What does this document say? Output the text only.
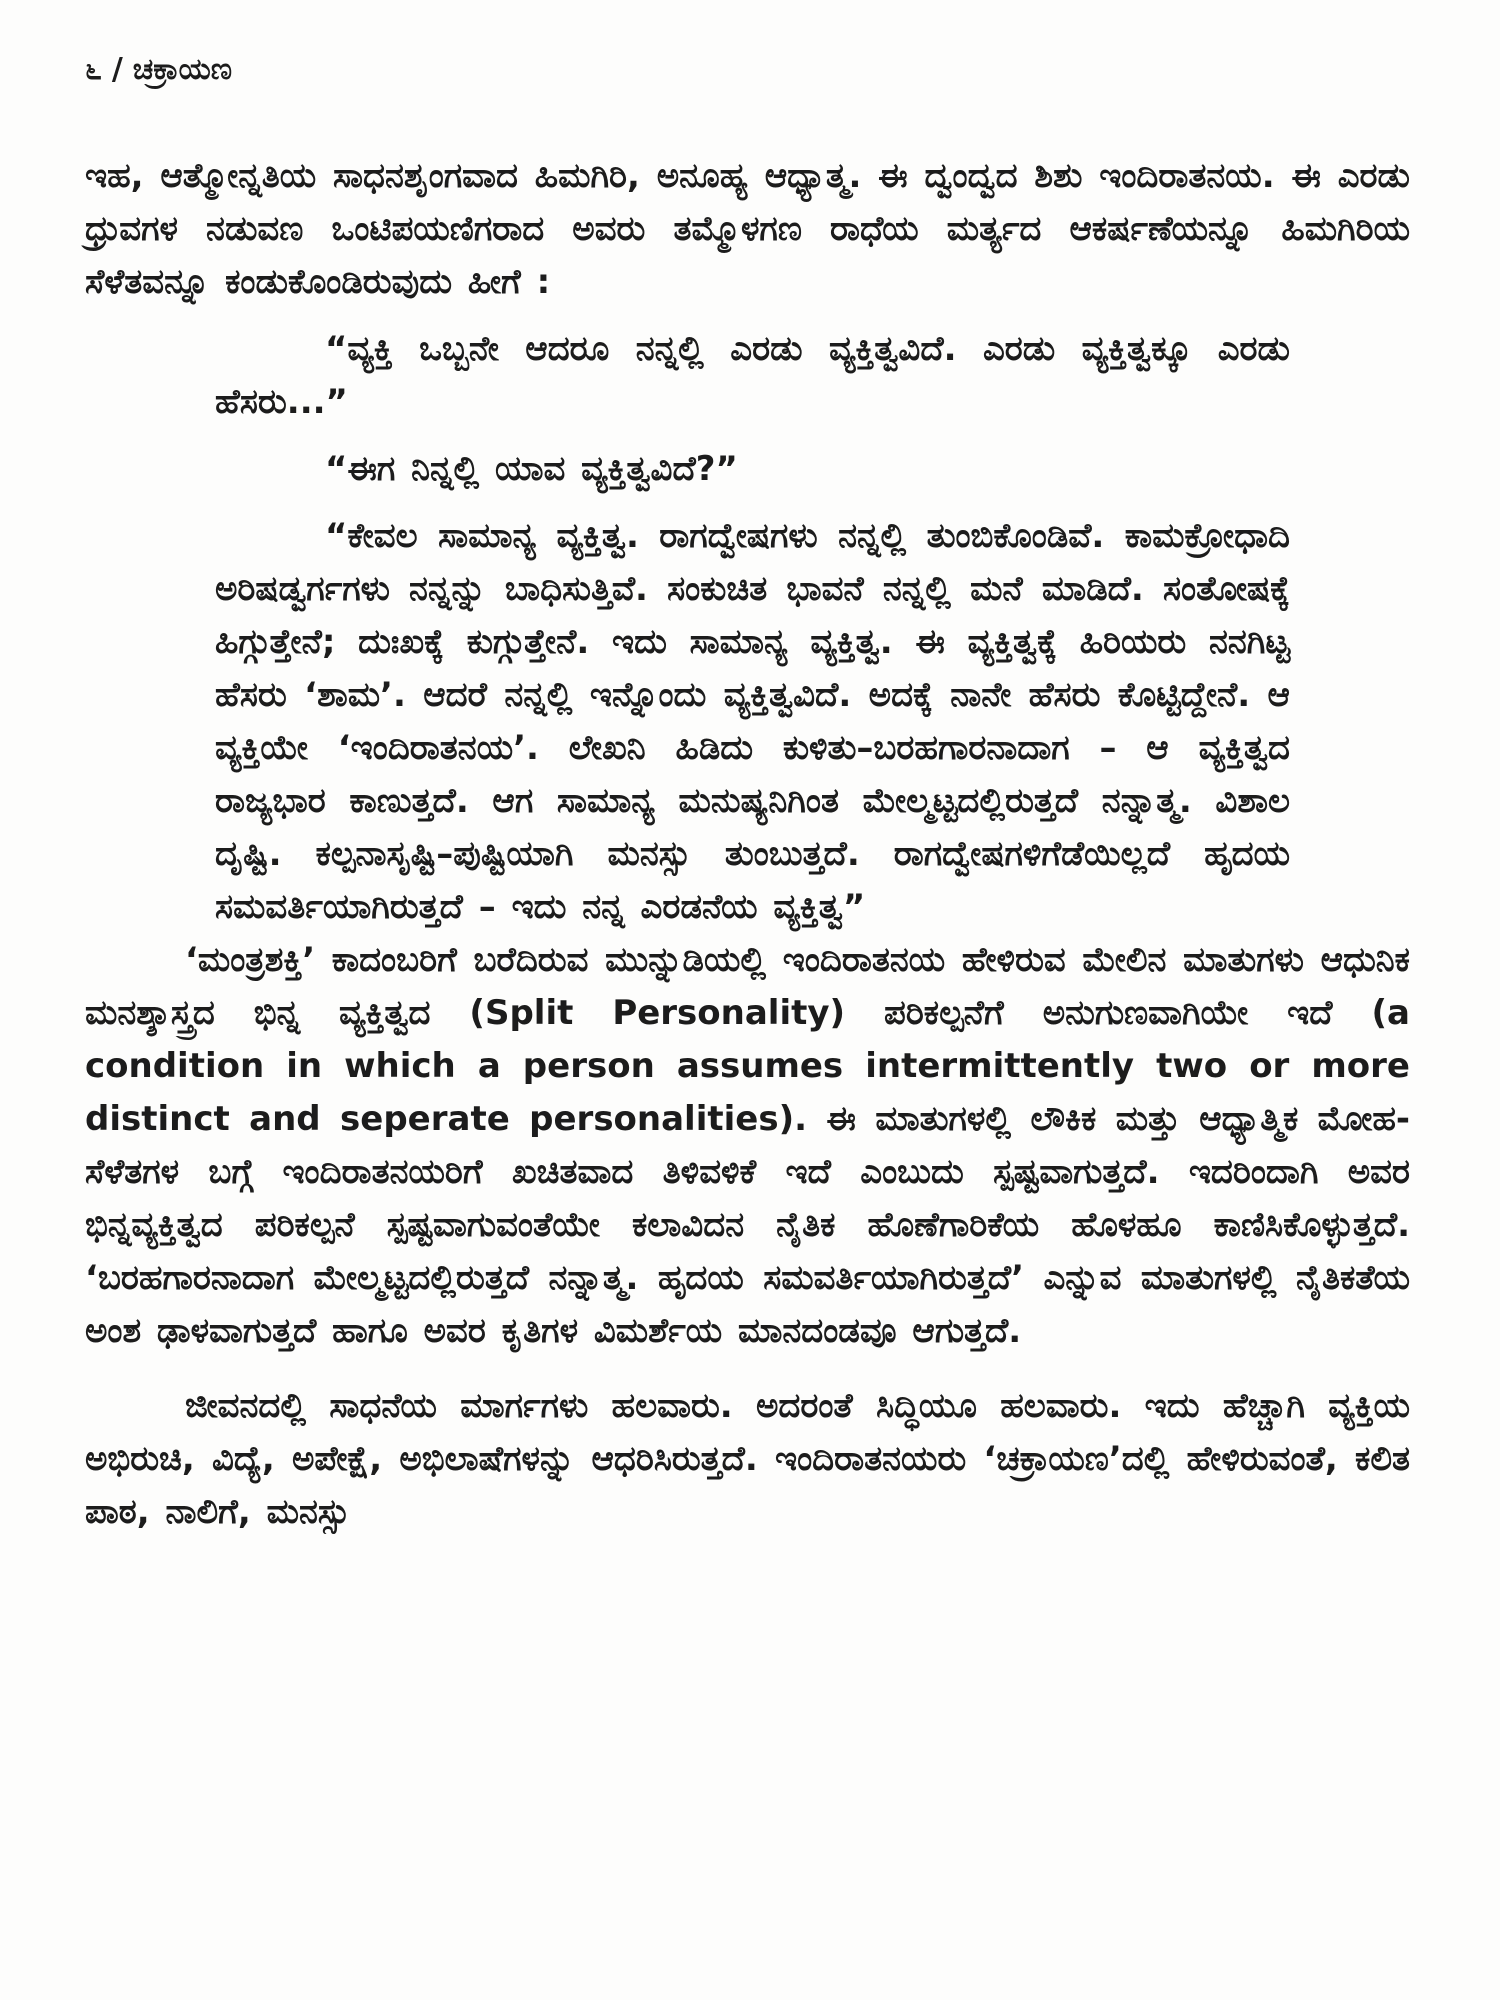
೬ / ಚಕ್ರಾಯಣ

ಇಹ, ಆತ್ಮೋನ್ನತಿಯ ಸಾಧನಶೃಂಗವಾದ ಹಿಮಗಿರಿ, ಅನೂಹ್ಯ ಆಧ್ಯಾತ್ಮ. ಈ ದ್ವಂದ್ವದ ಶಿಶು ಇಂದಿರಾತನಯ. ಈ ಎರಡು ಧ್ರುವಗಳ ನಡುವಣ ಒಂಟಿಪಯಣಿಗರಾದ ಅವರು ತಮ್ಮೊಳಗಣ ರಾಧೆಯ ಮರ್ತ್ಯದ ಆಕರ್ಷಣೆಯನ್ನೂ ಹಿಮಗಿರಿಯ ಸೆಳೆತವನ್ನೂ ಕಂಡುಕೊಂಡಿರುವುದು ಹೀಗೆ :

“ವ್ಯಕ್ತಿ ಒಬ್ಬನೇ ಆದರೂ ನನ್ನಲ್ಲಿ ಎರಡು ವ್ಯಕ್ತಿತ್ವವಿದೆ. ಎರಡು ವ್ಯಕ್ತಿತ್ವಕ್ಕೂ ಎರಡು ಹೆಸರು...”

“ಈಗ ನಿನ್ನಲ್ಲಿ ಯಾವ ವ್ಯಕ್ತಿತ್ವವಿದೆ?”

“ಕೇವಲ ಸಾಮಾನ್ಯ ವ್ಯಕ್ತಿತ್ವ. ರಾಗದ್ವೇಷಗಳು ನನ್ನಲ್ಲಿ ತುಂಬಿಕೊಂಡಿವೆ. ಕಾಮಕ್ರೋಧಾದಿ ಅರಿಷಡ್ವರ್ಗಗಳು ನನ್ನನ್ನು ಬಾಧಿಸುತ್ತಿವೆ. ಸಂಕುಚಿತ ಭಾವನೆ ನನ್ನಲ್ಲಿ ಮನೆ ಮಾಡಿದೆ. ಸಂತೋಷಕ್ಕೆ ಹಿಗ್ಗುತ್ತೇನೆ; ದುಃಖಕ್ಕೆ ಕುಗ್ಗುತ್ತೇನೆ. ಇದು ಸಾಮಾನ್ಯ ವ್ಯಕ್ತಿತ್ವ. ಈ ವ್ಯಕ್ತಿತ್ವಕ್ಕೆ ಹಿರಿಯರು ನನಗಿಟ್ಟ ಹೆಸರು ‘ಶಾಮ’. ಆದರೆ ನನ್ನಲ್ಲಿ ಇನ್ನೊಂದು ವ್ಯಕ್ತಿತ್ವವಿದೆ. ಅದಕ್ಕೆ ನಾನೇ ಹೆಸರು ಕೊಟ್ಟಿದ್ದೇನೆ. ಆ ವ್ಯಕ್ತಿಯೇ ‘ಇಂದಿರಾತನಯ’. ಲೇಖನಿ ಹಿಡಿದು ಕುಳಿತು–ಬರಹಗಾರನಾದಾಗ – ಆ ವ್ಯಕ್ತಿತ್ವದ ರಾಜ್ಯಭಾರ ಕಾಣುತ್ತದೆ. ಆಗ ಸಾಮಾನ್ಯ ಮನುಷ್ಯನಿಗಿಂತ ಮೇಲ್ಮಟ್ಟದಲ್ಲಿರುತ್ತದೆ ನನ್ನಾತ್ಮ. ವಿಶಾಲ ದೃಷ್ಟಿ. ಕಲ್ಪನಾಸೃಷ್ಟಿ–ಪುಷ್ಟಿಯಾಗಿ ಮನಸ್ಸು ತುಂಬುತ್ತದೆ. ರಾಗದ್ವೇಷಗಳಿಗೆಡೆಯಿಲ್ಲದೆ ಹೃದಯ ಸಮವರ್ತಿಯಾಗಿರುತ್ತದೆ – ಇದು ನನ್ನ ಎರಡನೆಯ ವ್ಯಕ್ತಿತ್ವ”

‘ಮಂತ್ರಶಕ್ತಿ’ ಕಾದಂಬರಿಗೆ ಬರೆದಿರುವ ಮುನ್ನುಡಿಯಲ್ಲಿ ಇಂದಿರಾತನಯ ಹೇಳಿರುವ ಮೇಲಿನ ಮಾತುಗಳು ಆಧುನಿಕ ಮನಶ್ಶಾಸ್ತ್ರದ ಭಿನ್ನ ವ್ಯಕ್ತಿತ್ವದ (Split Personality) ಪರಿಕಲ್ಪನೆಗೆ ಅನುಗುಣವಾಗಿಯೇ ಇದೆ (a condition in which a person assumes intermittently two or more distinct and seperate personalities). ಈ ಮಾತುಗಳಲ್ಲಿ ಲೌಕಿಕ ಮತ್ತು ಆಧ್ಯಾತ್ಮಿಕ ಮೋಹ-ಸೆಳೆತಗಳ ಬಗ್ಗೆ ಇಂದಿರಾತನಯರಿಗೆ ಖಚಿತವಾದ ತಿಳಿವಳಿಕೆ ಇದೆ ಎಂಬುದು ಸ್ಪಷ್ಟವಾಗುತ್ತದೆ. ಇದರಿಂದಾಗಿ ಅವರ ಭಿನ್ನವ್ಯಕ್ತಿತ್ವದ ಪರಿಕಲ್ಪನೆ ಸ್ಪಷ್ಟವಾಗುವಂತೆಯೇ ಕಲಾವಿದನ ನೈತಿಕ ಹೊಣೆಗಾರಿಕೆಯ ಹೊಳಹೂ ಕಾಣಿಸಿಕೊಳ್ಳುತ್ತದೆ. ‘ಬರಹಗಾರನಾದಾಗ ಮೇಲ್ಮಟ್ಟದಲ್ಲಿರುತ್ತದೆ ನನ್ನಾತ್ಮ. ಹೃದಯ ಸಮವರ್ತಿಯಾಗಿರುತ್ತದೆ’ ಎನ್ನುವ ಮಾತುಗಳಲ್ಲಿ ನೈತಿಕತೆಯ ಅಂಶ ಢಾಳವಾಗುತ್ತದೆ ಹಾಗೂ ಅವರ ಕೃತಿಗಳ ವಿಮರ್ಶೆಯ ಮಾನದಂಡವೂ ಆಗುತ್ತದೆ.

ಜೀವನದಲ್ಲಿ ಸಾಧನೆಯ ಮಾರ್ಗಗಳು ಹಲವಾರು. ಅದರಂತೆ ಸಿದ್ಧಿಯೂ ಹಲವಾರು. ಇದು ಹೆಚ್ಚಾಗಿ ವ್ಯಕ್ತಿಯ ಅಭಿರುಚಿ, ವಿದ್ಯೆ, ಅಪೇಕ್ಷೆ, ಅಭಿಲಾಷೆಗಳನ್ನು ಆಧರಿಸಿರುತ್ತದೆ. ಇಂದಿರಾತನಯರು ‘ಚಕ್ರಾಯಣ’ದಲ್ಲಿ ಹೇಳಿರುವಂತೆ, ಕಲಿತ ಪಾಠ, ನಾಲಿಗೆ, ಮನಸ್ಸು
